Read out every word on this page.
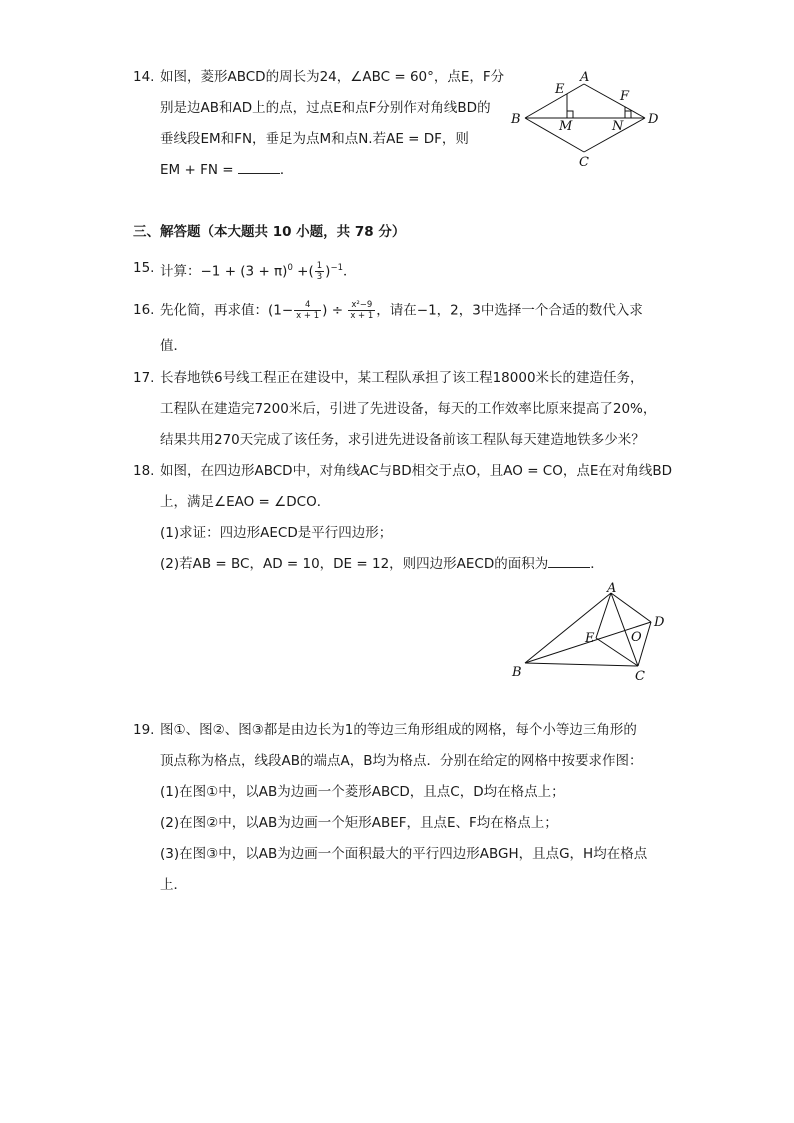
14. 如图，菱形ABCD的周长为24，∠ABC = 60°，点E，F分
别是边AB和AD上的点，过点E和点F分别作对角线BD的
垂线段EM和FN，垂足为点M和点N.若AE = DF，则
EM + FN =	．
A
E	F
B	M	N D
C
三、解答题（本大题共 10 小题，共 78 分）
15. 计算：$-1 + (3 + \pi)^0$ +( $\frac{1}{3} )^{-1}$．
16. 先化简，再求值：($1- \frac{4}{x + 1}$ ) ÷ $\frac{\text{x²−9}}{x + 1}$ ，请在−1，2，3中选择一个合适的数代入求
值．
17. 长春地铁6号线工程正在建设中，某工程队承担了该工程18000米长的建造任务，
工程队在建造完7200米后，引进了先进设备，每天的工作效率比原来提高了20%，
结果共用270天完成了该任务，求引进先进设备前该工程队每天建造地铁多少米？
18. 如图，在四边形ABCD中，对角线AC与BD相交于点O，且AO = CO，点E在对角线BD
上，满足∠EAO = ∠DCO．
(1)求证：四边形AECD是平行四边形；
(2)若AB = BC，AD = 10，DE = 12，则四边形AECD的面积为	．
A
D
E	O
B	C
19. 图①、图②、图③都是由边长为1的等边三角形组成的网格，每个小等边三角形的
顶点称为格点，线段AB的端点A，B均为格点．分别在给定的网格中按要求作图：
(1)在图①中，以AB为边画一个菱形ABCD，且点C，D均在格点上；
(2)在图②中，以AB为边画一个矩形ABEF，且点E、F均在格点上；
(3)在图③中，以AB为边画一个面积最大的平行四边形ABGH，且点G，H均在格点
上．
